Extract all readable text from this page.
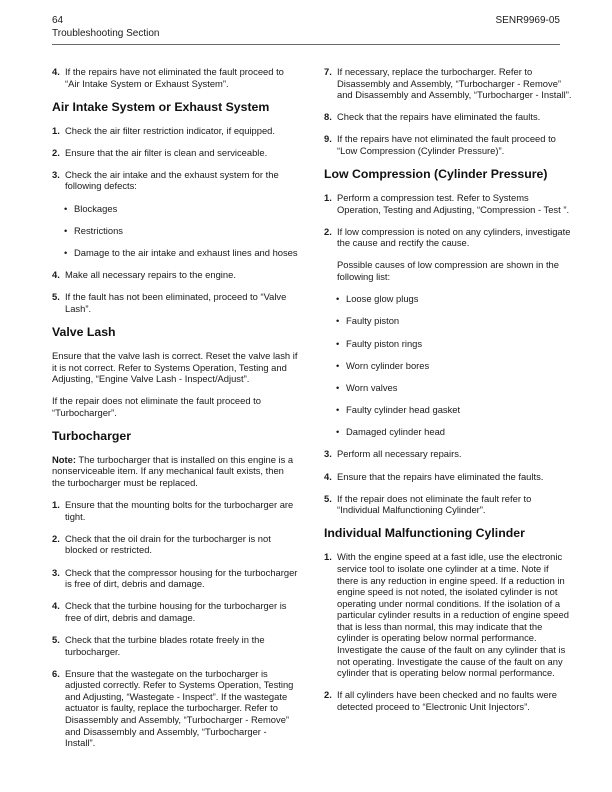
64
Troubleshooting Section
SENR9969-05
4. If the repairs have not eliminated the fault proceed to “Air Intake System or Exhaust System”.
Air Intake System or Exhaust System
1. Check the air filter restriction indicator, if equipped.
2. Ensure that the air filter is clean and serviceable.
3. Check the air intake and the exhaust system for the following defects:
• Blockages
• Restrictions
• Damage to the air intake and exhaust lines and hoses
4. Make all necessary repairs to the engine.
5. If the fault has not been eliminated, proceed to “Valve Lash”.
Valve Lash

Ensure that the valve lash is correct. Reset the valve lash if it is not correct. Refer to Systems Operation, Testing and Adjusting, “Engine Valve Lash - Inspect/Adjust”.

If the repair does not eliminate the fault proceed to “Turbocharger”.

Turbocharger

Note: The turbocharger that is installed on this engine is a nonserviceable item. If any mechanical fault exists, then the turbocharger must be replaced.

1. Ensure that the mounting bolts for the turbocharger are tight.
2. Check that the oil drain for the turbocharger is not blocked or restricted.
3. Check that the compressor housing for the turbocharger is free of dirt, debris and damage.
4. Check that the turbine housing for the turbocharger is free of dirt, debris and damage.
5. Check that the turbine blades rotate freely in the turbocharger.
6. Ensure that the wastegate on the turbocharger is adjusted correctly. Refer to Systems Operation, Testing and Adjusting, “Wastegate - Inspect”. If the wastegate actuator is faulty, replace the turbocharger. Refer to Disassembly and Assembly, “Turbocharger - Remove” and Disassembly and Assembly, “Turbocharger - Install”.
7. If necessary, replace the turbocharger. Refer to Disassembly and Assembly, “Turbocharger - Remove” and Disassembly and Assembly, “Turbocharger - Install”.
8. Check that the repairs have eliminated the faults.
9. If the repairs have not eliminated the fault proceed to “Low Compression (Cylinder Pressure)”.
Low Compression (Cylinder Pressure)
1. Perform a compression test. Refer to Systems Operation, Testing and Adjusting, “Compression - Test ”.
2. If low compression is noted on any cylinders, investigate the cause and rectify the cause.
Possible causes of low compression are shown in the following list:
• Loose glow plugs
• Faulty piston
• Faulty piston rings
• Worn cylinder bores
• Worn valves
• Faulty cylinder head gasket
• Damaged cylinder head
3. Perform all necessary repairs.
4. Ensure that the repairs have eliminated the faults.
5. If the repair does not eliminate the fault refer to “Individual Malfunctioning Cylinder”.
Individual Malfunctioning Cylinder
1. With the engine speed at a fast idle, use the electronic service tool to isolate one cylinder at a time. Note if there is any reduction in engine speed. If a reduction in engine speed is not noted, the isolated cylinder is not operating under normal conditions. If the isolation of a particular cylinder results in a reduction of engine speed that is less than normal, this may indicate that the cylinder is operating below normal performance. Investigate the cause of the fault on any cylinder that is not operating. Investigate the cause of the fault on any cylinder that is operating below normal performance.
2. If all cylinders have been checked and no faults were detected proceed to “Electronic Unit Injectors”.
